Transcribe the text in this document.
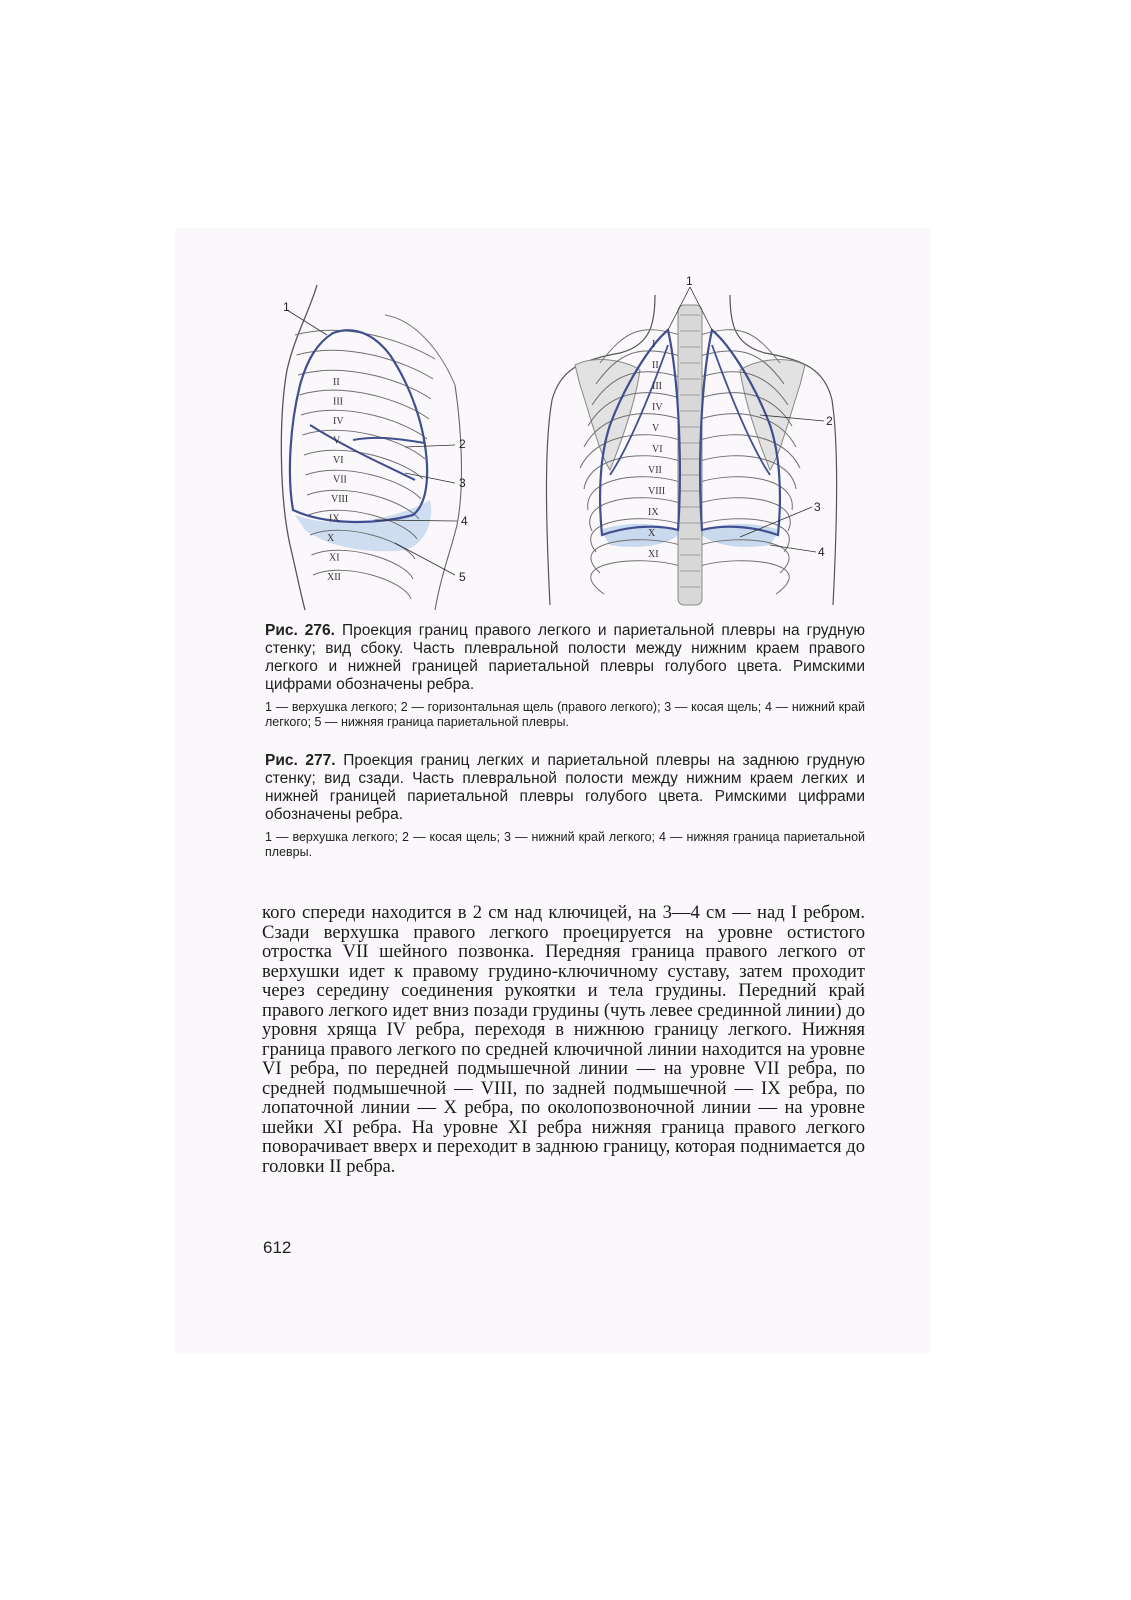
1
2
3
4
5
II
III
IV
V
VI
VII
VIII
IX
X
XI
XII
1
2
3
4
I
II
III
IV
V
VI
VII
VIII
IX
X
XI
Рис. 276. Проекция границ правого легкого и париетальной плевры на грудную стенку; вид сбоку. Часть плевральной полости между нижним краем правого легкого и нижней границей париетальной плевры голубого цвета. Римскими цифрами обозначены ребра.
1 — верхушка легкого; 2 — горизонтальная щель (правого легкого); 3 — косая щель; 4 — нижний край легкого; 5 — нижняя граница париетальной плевры.
Рис. 277. Проекция границ легких и париетальной плевры на заднюю грудную стенку; вид сзади. Часть плевральной полости между нижним краем легких и нижней границей париетальной плевры голубого цвета. Римскими цифрами обозначены ребра.
1 — верхушка легкого; 2 — косая щель; 3 — нижний край легкого; 4 — нижняя граница париетальной плевры.

кого спереди находится в 2 см над ключицей, на 3—4 см — над I ребром. Сзади верхушка правого легкого проецируется на уровне остистого отростка VII шейного позвонка. Передняя граница правого легкого от верхушки идет к правому грудино-ключичному суставу, затем проходит через середину соединения рукоятки и тела грудины. Передний край правого легкого идет вниз позади грудины (чуть левее срединной линии) до уровня хряща IV ребра, переходя в нижнюю границу легкого. Нижняя граница правого легкого по средней ключичной линии находится на уровне VI ребра, по передней подмышечной линии — на уровне VII ребра, по средней подмышечной — VIII, по задней подмышечной — IX ребра, по лопаточной линии — X ребра, по околопозвоночной линии — на уровне шейки XI ребра. На уровне XI ребра нижняя граница правого легкого поворачивает вверх и переходит в заднюю границу, которая поднимается до головки II ребра.

612
